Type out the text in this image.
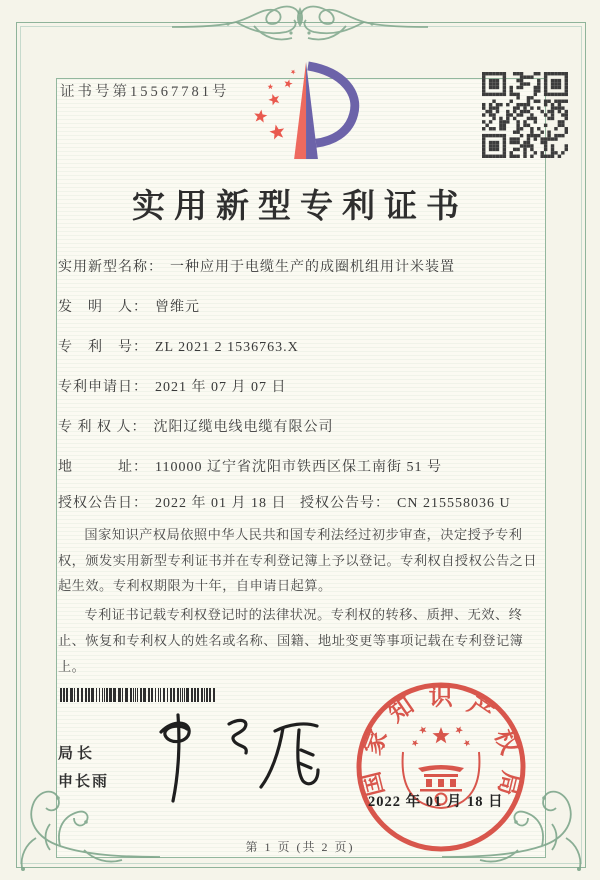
证书号第15567781号
实用新型专利证书
实用新型名称： 一种应用于电缆生产的成圈机组用计米装置
发　明　人： 曾维元
专　利　号： ZL 2021 2 1536763.X
专利申请日： 2021 年 07 月 07 日
专 利 权 人： 沈阳辽缆电线电缆有限公司
地　　　址： 110000 辽宁省沈阳市铁西区保工南街 51 号
授权公告日： 2022 年 01 月 18 日 授权公告号： CN 215558036 U

国家知识产权局依照中华人民共和国专利法经过初步审查，决定授予专利权，颁发实用新型专利证书并在专利登记簿上予以登记。专利权自授权公告之日起生效。专利权期限为十年，自申请日起算。

专利证书记载专利权登记时的法律状况。专利权的转移、质押、无效、终止、恢复和专利权人的姓名或名称、国籍、地址变更等事项记载在专利登记簿上。

局长
申长雨	国家知识产权局
2022 年 01 月 18 日
第 1 页 (共 2 页)
